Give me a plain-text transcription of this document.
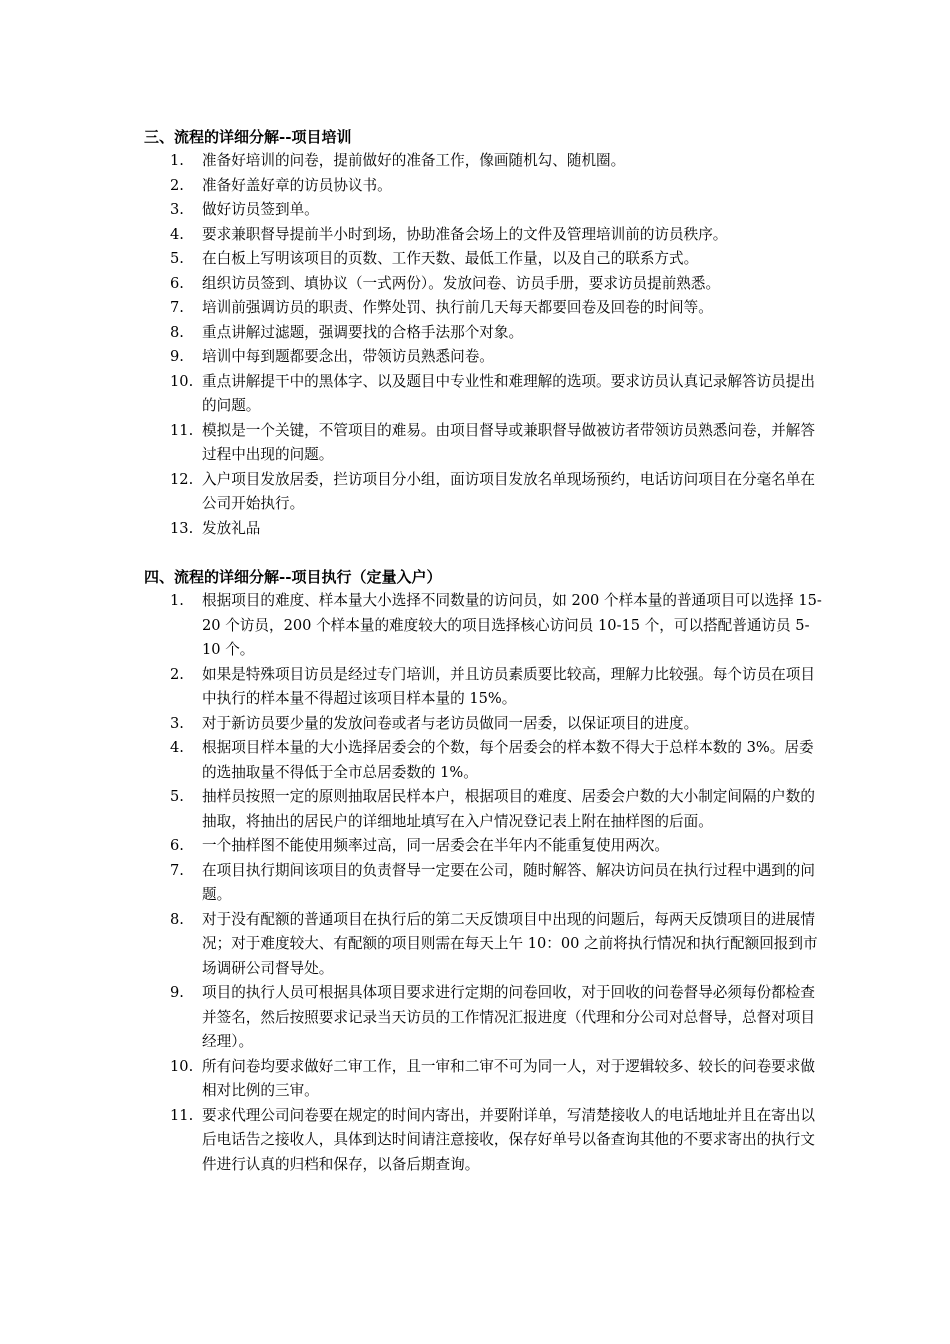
三、流程的详细分解--项目培训
1.	准备好培训的问卷，提前做好的准备工作，像画随机勾、随机圈。
2.	准备好盖好章的访员协议书。
3.	做好访员签到单。
4.	要求兼职督导提前半小时到场，协助准备会场上的文件及管理培训前的访员秩序。
5.	在白板上写明该项目的页数、工作天数、最低工作量，以及自己的联系方式。
6.	组织访员签到、填协议（一式两份）。发放问卷、访员手册，要求访员提前熟悉。
7.	培训前强调访员的职责、作弊处罚、执行前几天每天都要回卷及回卷的时间等。
8.	重点讲解过滤题，强调要找的合格手法那个对象。
9.	培训中每到题都要念出，带领访员熟悉问卷。
10. 重点讲解提干中的黑体字、以及题目中专业性和难理解的选项。要求访员认真记录解答访员提出的问题。
11. 模拟是一个关键，不管项目的难易。由项目督导或兼职督导做被访者带领访员熟悉问卷，并解答过程中出现的问题。
12. 入户项目发放居委，拦访项目分小组，面访项目发放名单现场预约，电话访问项目在分毫名单在公司开始执行。
13. 发放礼品
四、流程的详细分解--项目执行（定量入户）
1.	根据项目的难度、样本量大小选择不同数量的访问员，如 200 个样本量的普通项目可以选择 15-20 个访员，200 个样本量的难度较大的项目选择核心访问员 10-15 个，可以搭配普通访员 5-10 个。
2.	如果是特殊项目访员是经过专门培训，并且访员素质要比较高，理解力比较强。每个访员在项目中执行的样本量不得超过该项目样本量的 15%。
3.	对于新访员要少量的发放问卷或者与老访员做同一居委，以保证项目的进度。
4.	根据项目样本量的大小选择居委会的个数，每个居委会的样本数不得大于总样本数的 3%。居委的选抽取量不得低于全市总居委数的 1%。
5.	抽样员按照一定的原则抽取居民样本户，根据项目的难度、居委会户数的大小制定间隔的户数的抽取，将抽出的居民户的详细地址填写在入户情况登记表上附在抽样图的后面。
6.	一个抽样图不能使用频率过高，同一居委会在半年内不能重复使用两次。
7.	在项目执行期间该项目的负责督导一定要在公司，随时解答、解决访问员在执行过程中遇到的问题。
8.	对于没有配额的普通项目在执行后的第二天反馈项目中出现的问题后，每两天反馈项目的进展情况；对于难度较大、有配额的项目则需在每天上午 10：00 之前将执行情况和执行配额回报到市场调研公司督导处。
9.	项目的执行人员可根据具体项目要求进行定期的问卷回收，对于回收的问卷督导必须每份都检查并签名，然后按照要求记录当天访员的工作情况汇报进度（代理和分公司对总督导，总督对项目经理）。
10. 所有问卷均要求做好二审工作，且一审和二审不可为同一人，对于逻辑较多、较长的问卷要求做相对比例的三审。
11. 要求代理公司问卷要在规定的时间内寄出，并要附详单，写清楚接收人的电话地址并且在寄出以后电话告之接收人，具体到达时间请注意接收，保存好单号以备查询其他的不要求寄出的执行文件进行认真的归档和保存，以备后期查询。
